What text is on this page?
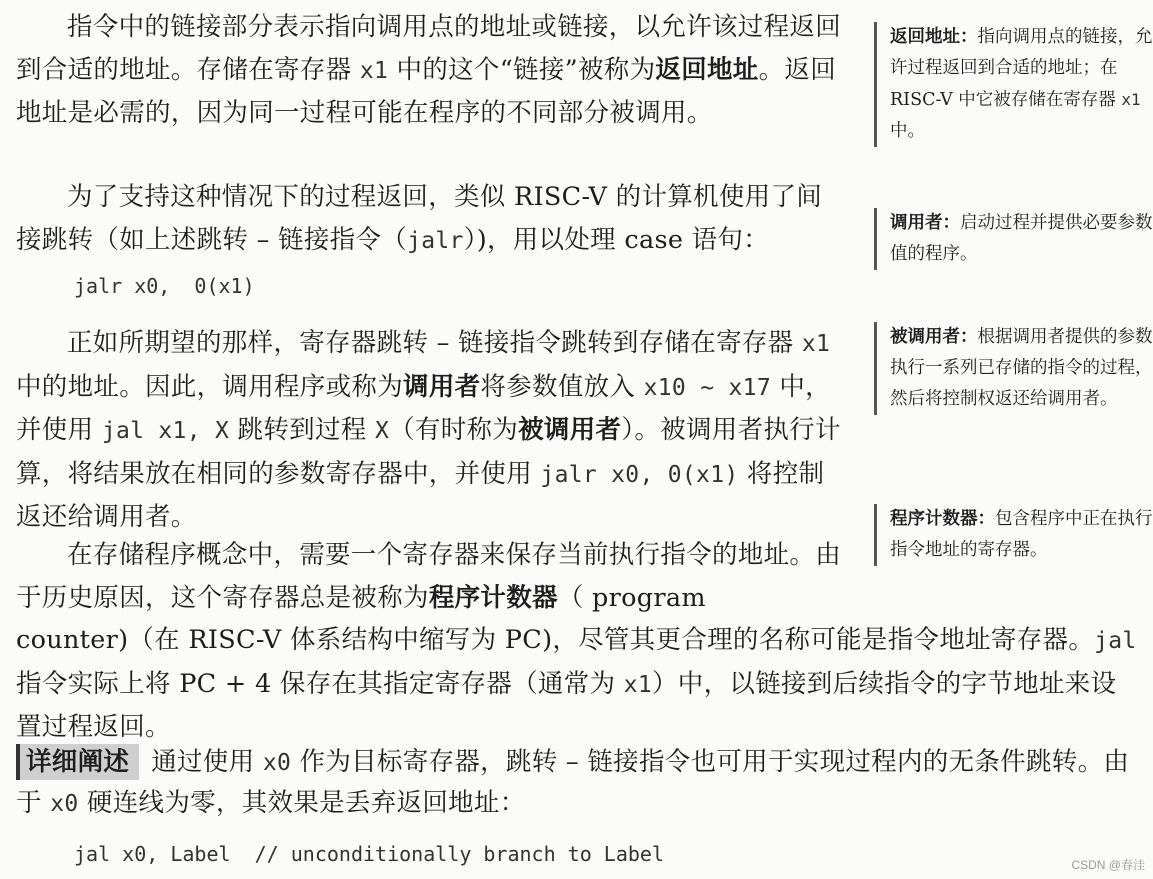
指令中的链接部分表示指向调用点的地址或链接，以允许该过程返回到合适的地址。存储在寄存器 x1 中的这个“链接”被称为返回地址。返回地址是必需的，因为同一过程可能在程序的不同部分被调用。

为了支持这种情况下的过程返回，类似 RISC-V 的计算机使用了间接跳转（如上述跳转 – 链接指令（jalr）)，用以处理 case 语句：

jalr x0,  0(x1)

正如所期望的那样，寄存器跳转 – 链接指令跳转到存储在寄存器 x1 中的地址。因此，调用程序或称为调用者将参数值放入 x10 ~ x17 中，并使用 jal x1, X 跳转到过程 X（有时称为被调用者）。被调用者执行计算，将结果放在相同的参数寄存器中，并使用 jalr x0, 0(x1) 将控制返还给调用者。

在存储程序概念中，需要一个寄存器来保存当前执行指令的地址。由于历史原因，这个寄存器总是被称为程序计数器（ program

counter)（在 RISC-V 体系结构中缩写为 PC)，尽管其更合理的名称可能是指令地址寄存器。jal 指令实际上将 PC + 4 保存在其指定寄存器（通常为 x1）中，以链接到后续指令的字节地址来设置过程返回。
详细阐述 通过使用 x0 作为目标寄存器，跳转 – 链接指令也可用于实现过程内的无条件跳转。由于 x0 硬连线为零，其效果是丢弃返回地址：
jal x0, Label  // unconditionally branch to Label
返回地址：指向调用点的链接，允许过程返回到合适的地址；在 RISC-V 中它被存储在寄存器 x1 中。
调用者：启动过程并提供必要参数值的程序。
被调用者：根据调用者提供的参数执行一系列已存储的指令的过程，然后将控制权返还给调用者。
程序计数器：包含程序中正在执行指令地址的寄存器。
CSDN @春洼
